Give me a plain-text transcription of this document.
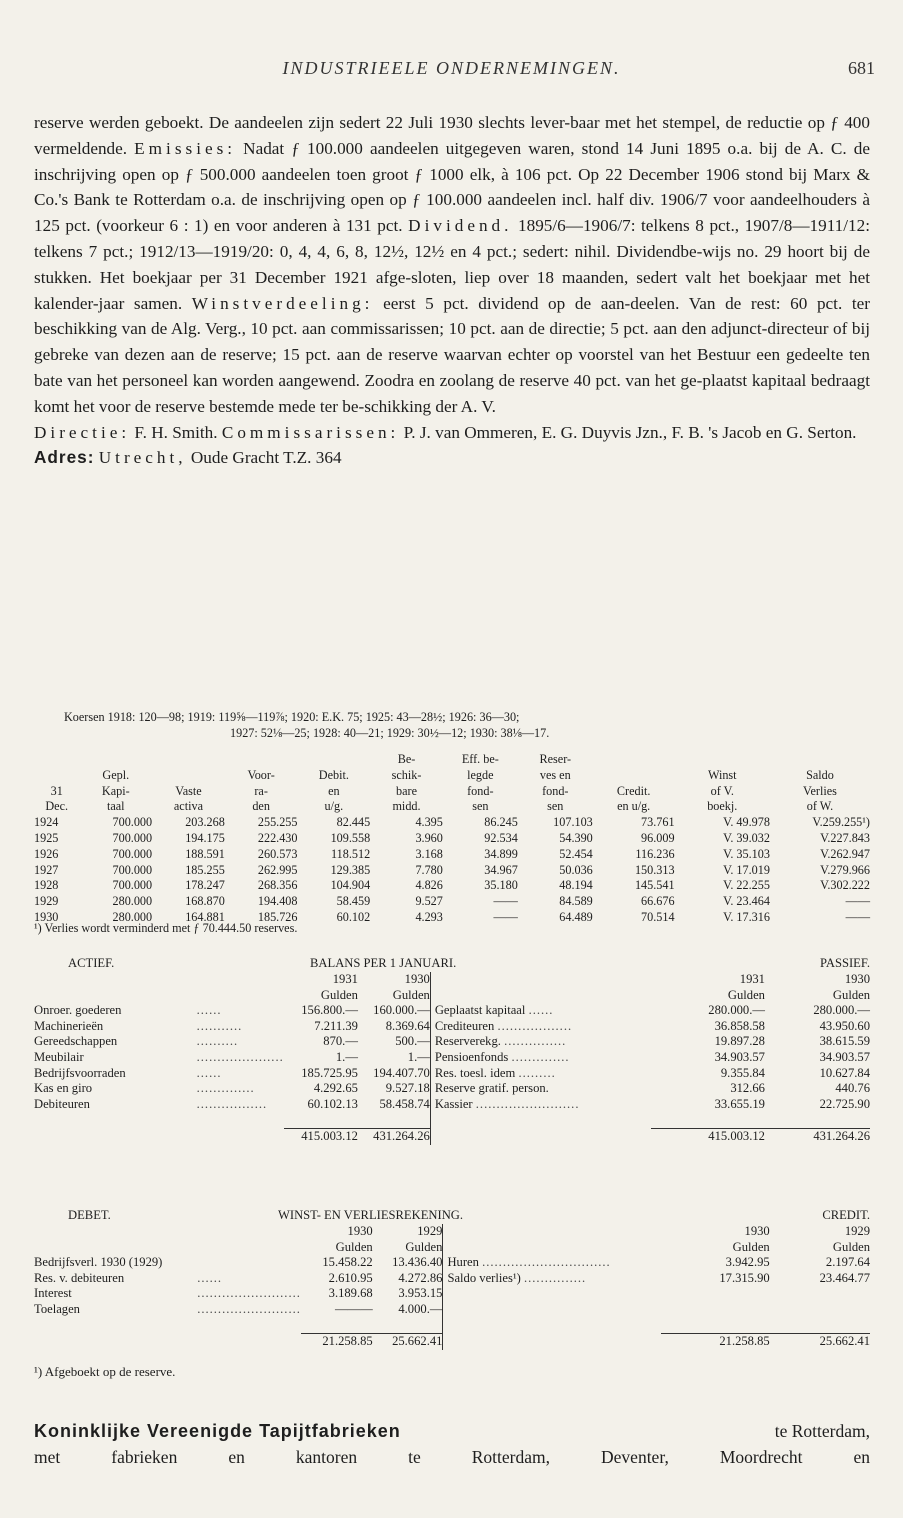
INDUSTRIEELE ONDERNEMINGEN.	681

reserve werden geboekt. De aandeelen zijn sedert 22 Juli 1930 slechts lever-baar met het stempel, de reductie op ƒ 400 vermeldende. Emissies: Nadat ƒ 100.000 aandeelen uitgegeven waren, stond 14 Juni 1895 o.a. bij de A. C. de inschrijving open op ƒ 500.000 aandeelen toen groot ƒ 1000 elk, à 106 pct. Op 22 December 1906 stond bij Marx & Co.'s Bank te Rotterdam o.a. de inschrijving open op ƒ 100.000 aandeelen incl. half div. 1906/7 voor aandeelhouders à 125 pct. (voorkeur 6 : 1) en voor anderen à 131 pct. Dividend. 1895/6—1906/7: telkens 8 pct., 1907/8—1911/12: telkens 7 pct.; 1912/13—1919/20: 0, 4, 4, 6, 8, 12½, 12½ en 4 pct.; sedert: nihil. Dividendbe-wijs no. 29 hoort bij de stukken. Het boekjaar per 31 December 1921 afge-sloten, liep over 18 maanden, sedert valt het boekjaar met het kalender-jaar samen. Winstverdeeling: eerst 5 pct. dividend op de aan-deelen. Van de rest: 60 pct. ter beschikking van de Alg. Verg., 10 pct. aan commissarissen; 10 pct. aan de directie; 5 pct. aan den adjunct-directeur of bij gebreke van dezen aan de reserve; 15 pct. aan de reserve waarvan echter op voorstel van het Bestuur een gedeelte ten bate van het personeel kan worden aangewend. Zoodra en zoolang de reserve 40 pct. van het ge-plaatst kapitaal bedraagt komt het voor de reserve bestemde mede ter be-schikking der A. V.

Directie: F. H. Smith. Commissarissen: P. J. van Ommeren, E. G. Duyvis Jzn., F. B. 's Jacob en G. Serton.

Adres: Utrecht, Oude Gracht T.Z. 364

Koersen 1918: 120—98; 1919: 119⅝—119⅞; 1920: E.K. 75; 1925: 43—28½; 1926: 36—30;
1927: 52⅛—25; 1928: 40—21; 1929: 30½—12; 1930: 38⅛—17.
					Be-	Eff. be-	Reser-			
	Gepl.		Voor-	Debit.	schik-	legde	ves en		Winst	Saldo
31	Kapi-	Vaste	ra-	en	bare	fond-	fond-	Credit.	of V.	Verlies
Dec.	taal	activa	den	u/g.	midd.	sen	sen	en u/g.	boekj.	of W.
1924	700.000	203.268	255.255	82.445	4.395	86.245	107.103	73.761	V. 49.978	V.259.255¹)
1925	700.000	194.175	222.430	109.558	3.960	92.534	54.390	96.009	V. 39.032	V.227.843
1926	700.000	188.591	260.573	118.512	3.168	34.899	52.454	116.236	V. 35.103	V.262.947
1927	700.000	185.255	262.995	129.385	7.780	34.967	50.036	150.313	V. 17.019	V.279.966
1928	700.000	178.247	268.356	104.904	4.826	35.180	48.194	145.541	V. 22.255	V.302.222
1929	280.000	168.870	194.408	58.459	9.527	——	84.589	66.676	V. 23.464	——
1930	280.000	164.881	185.726	60.102	4.293	——	64.489	70.514	V. 17.316	——
¹) Verlies wordt verminderd met ƒ 70.444.50 reserves.
ACTIEF.	BALANS PER 1 JANUARI.	PASSIEF.
		1931	1930		1931	1930
		Gulden	Gulden		Gulden	Gulden
Onroer. goederen	......	156.800.—	160.000.—	Geplaatst kapitaal ......	280.000.—	280.000.—
Machinerieën	...........	7.211.39	8.369.64	Crediteuren ..................	36.858.58	43.950.60
Gereedschappen	..........	870.—	500.—	Reserverekg. ...............	19.897.28	38.615.59
Meubilair	.....................	1.—	1.—	Pensioenfonds ..............	34.903.57	34.903.57
Bedrijfsvoorraden	......	185.725.95	194.407.70	Res. toesl. idem .........	9.355.84	10.627.84
Kas en giro	..............	4.292.65	9.527.18	Reserve gratif. person.	312.66	440.76
Debiteuren	.................	60.102.13	58.458.74	Kassier .........................	33.655.19	22.725.90

		415.003.12	431.264.26		415.003.12	431.264.26
DEBET.	WINST- EN VERLIESREKENING.	CREDIT.
		1930	1929		1930	1929
		Gulden	Gulden		Gulden	Gulden
Bedrijfsverl. 1930 (1929)		15.458.22	13.436.40	Huren ...............................	3.942.95	2.197.64
Res. v. debiteuren	......	2.610.95	4.272.86	Saldo verlies¹) ...............	17.315.90	23.464.77
Interest	.........................	3.189.68	3.953.15			
Toelagen	.........................	———	4.000.—			

		21.258.85	25.662.41		21.258.85	25.662.41
¹) Afgeboekt op de reserve.
Koninklijke Vereenigde Tapijtfabrieken	te Rotterdam,
met fabrieken en kantoren te Rotterdam, Deventer, Moordrecht en
